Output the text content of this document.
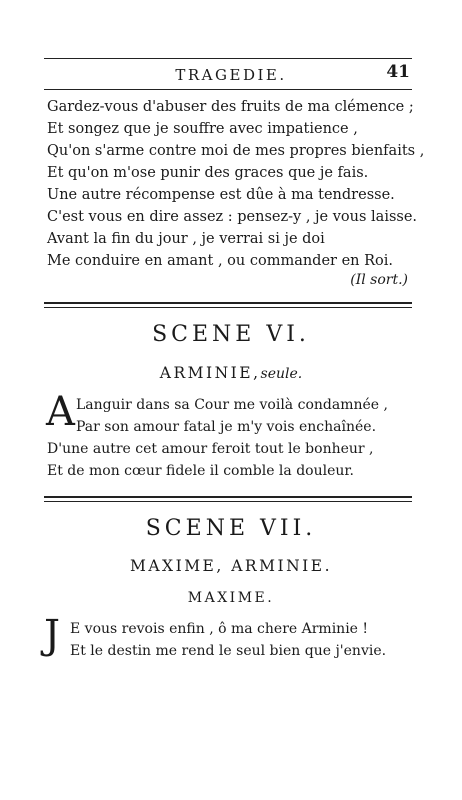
TRAGEDIE.	41
Gardez-vous d'abuser des fruits de ma clémence ;
Et songez que je souffre avec impatience ,
Qu'on s'arme contre moi de mes propres bienfaits ,
Et qu'on m'ose punir des graces que je fais.
Une autre récompense est dûe à ma tendresse.
C'est vous en dire assez : pensez-y , je vous laisse.
Avant la fin du jour , je verrai si je doi
Me conduire en amant , ou commander en Roi.
(Il sort.)
SCENE VI.
ARMINIE,seule.
A Languir dans sa Cour me voilà condamnée ,
Par son amour fatal je m'y vois enchaînée.
D'une autre cet amour feroit tout le bonheur ,
Et de mon cœur fidele il comble la douleur.
SCENE VII.
MAXIME, ARMINIE.
MAXIME.
J E vous revois enfin , ô ma chere Arminie !
Et le destin me rend le seul bien que j'envie.
